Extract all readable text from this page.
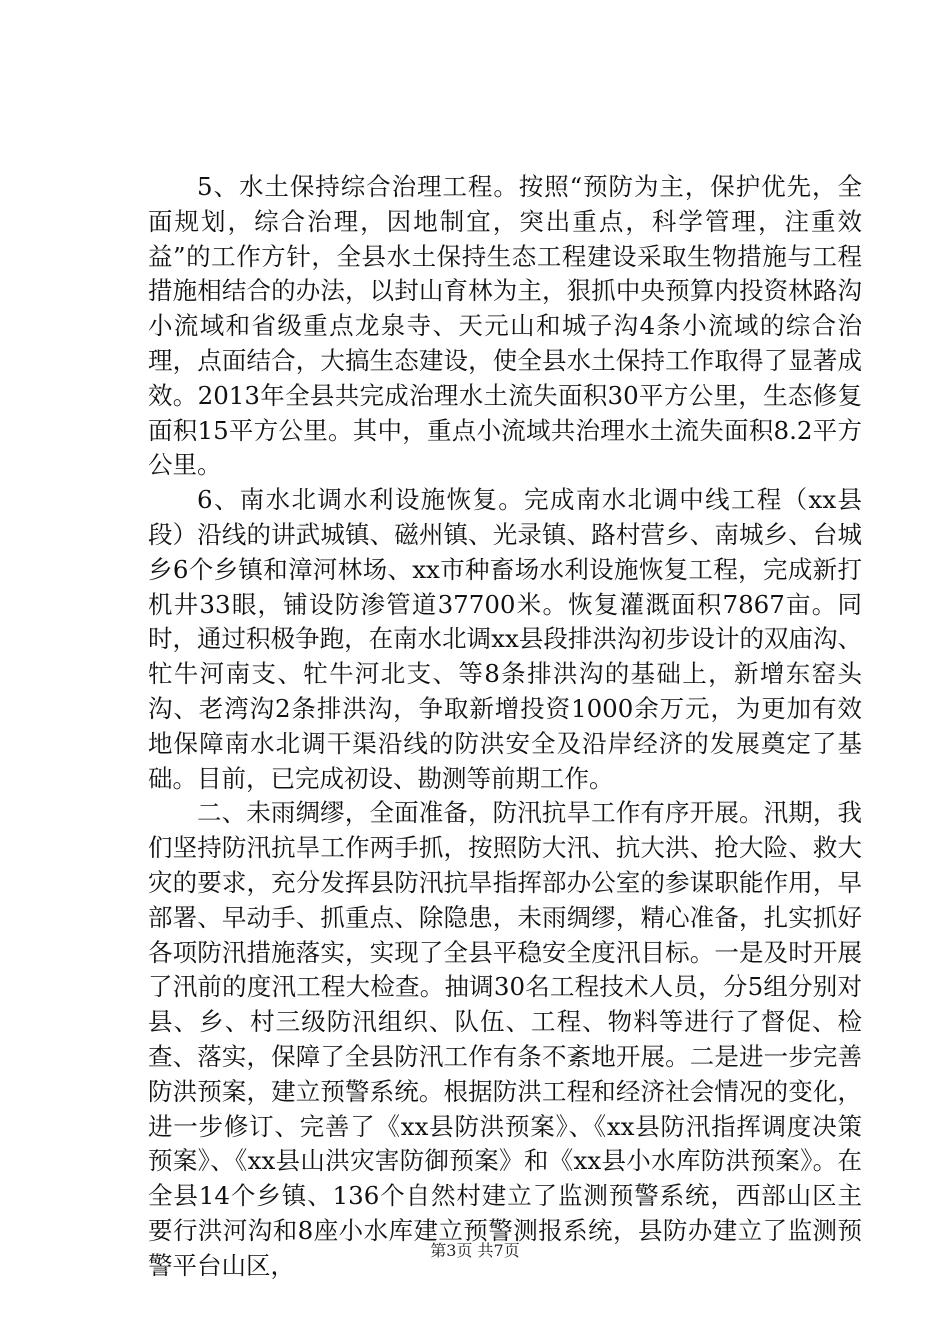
5、水土保持综合治理工程。按照“预防为主，保护优先，全面规划，综合治理，因地制宜，突出重点，科学管理，注重效益”的工作方针，全县水土保持生态工程建设采取生物措施与工程措施相结合的办法，以封山育林为主，狠抓中央预算内投资林路沟小流域和省级重点龙泉寺、天元山和城子沟4条小流域的综合治理，点面结合，大搞生态建设，使全县水土保持工作取得了显著成效。2013年全县共完成治理水土流失面积30平方公里，生态修复面积15平方公里。其中，重点小流域共治理水土流失面积8.2平方公里。

6、南水北调水利设施恢复。完成南水北调中线工程（xx县段）沿线的讲武城镇、磁州镇、光录镇、路村营乡、南城乡、台城乡6个乡镇和漳河林场、xx市种畜场水利设施恢复工程，完成新打机井33眼，铺设防渗管道37700米。恢复灌溉面积7867亩。同时，通过积极争跑，在南水北调xx县段排洪沟初步设计的双庙沟、牤牛河南支、牤牛河北支、等8条排洪沟的基础上，新增东窑头沟、老湾沟2条排洪沟，争取新增投资1000余万元，为更加有效地保障南水北调干渠沿线的防洪安全及沿岸经济的发展奠定了基础。目前，已完成初设、勘测等前期工作。

二、未雨绸缪，全面准备，防汛抗旱工作有序开展。汛期，我们坚持防汛抗旱工作两手抓，按照防大汛、抗大洪、抢大险、救大灾的要求，充分发挥县防汛抗旱指挥部办公室的参谋职能作用，早部署、早动手、抓重点、除隐患，未雨绸缪，精心准备，扎实抓好各项防汛措施落实，实现了全县平稳安全度汛目标。一是及时开展了汛前的度汛工程大检查。抽调30名工程技术人员，分5组分别对县、乡、村三级防汛组织、队伍、工程、物料等进行了督促、检查、落实，保障了全县防汛工作有条不紊地开展。二是进一步完善防洪预案，建立预警系统。根据防洪工程和经济社会情况的变化，进一步修订、完善了《xx县防洪预案》、《xx县防汛指挥调度决策预案》、《xx县山洪灾害防御预案》和《xx县小水库防洪预案》。在全县14个乡镇、136个自然村建立了监测预警系统，西部山区主要行洪河沟和8座小水库建立预警测报系统，县防办建立了监测预警平台山区，

第3页 共7页
